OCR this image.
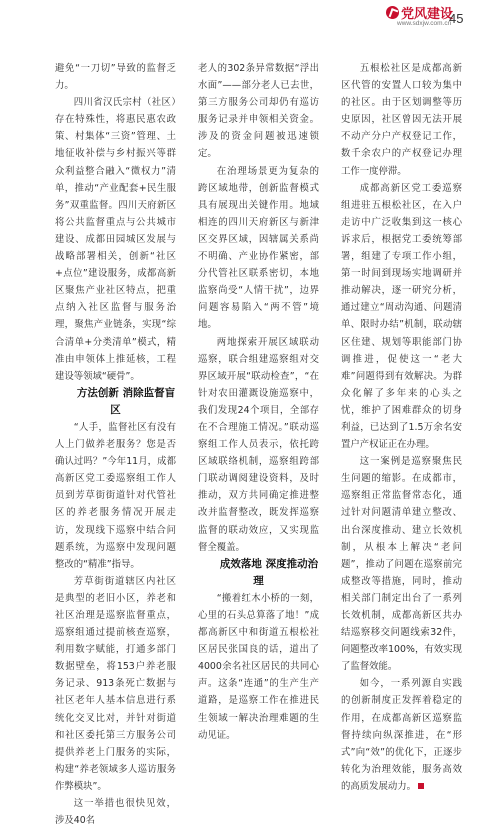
党风建设
www.sdxjw.com.cn
45

避免“一刀切”导致的监督乏力。

四川省汉氏宗村（社区）存在特殊性，将惠民惠农政策、村集体“三资”管理、土地征收补偿与乡村振兴等群众利益整合融入“微权力”清单，推动“产业配套+民生服务”双重监督。四川天府新区将公共监督重点与公共城市建设、成都田园城区发展与战略部署相关，创新“社区+点位”建设服务，成都高新区聚焦产业社区特点，把重点纳入社区监督与服务治理，聚焦产业链条，实现“综合清单+分类清单”模式，精准由申领体上推延核，工程建设等领域“硬骨”。

方法创新 消除监督盲区

“人手，监督社区有没有人上门做养老服务？您是否确认过吗？”今年11月，成都高新区党工委巡察组工作人员到芳草街街道针对代管社区的养老服务情况开展走访，发现线下巡察中结合问题系统，为巡察中发现问题整改的“精准”指导。

芳草街街道辖区内社区是典型的老旧小区，养老和社区治理是巡察监督重点，巡察组通过提前核查巡察，利用数字赋能，打通多部门数据壁垒，将153户养老服务记录、913条死亡数据与社区老年人基本信息进行系统化交叉比对，并针对街道和社区委托第三方服务公司提供养老上门服务的实际，构建“养老领域多人巡访服务作弊模块”。

这一举措也很快见效，涉及40名

老人的302条异常数据“浮出水面”——部分老人已去世，第三方服务公司却仍有巡访服务记录并申领相关资金。涉及的资金问题被迅速锁定。

在治理场景更为复杂的跨区域地带，创新监督模式具有展现出关键作用。地域相连的四川天府新区与新津区交界区域，因辖属关系尚不明确、产业协作紧密，部分代管社区联系密切，本地监察尚受“人情干扰”，边界问题容易陷入“两不管”境地。

两地探索开展区域联动巡察，联合组建巡察组对交界区域开展“联动检查”，“在针对农田灌溉设施巡察中，我们发现24个项目，全部存在不合理施工情况。”联动巡察组工作人员表示，依托跨区域联络机制，巡察组跨部门联动调阅建设资料，及时推动，双方共同确定推进整改并监督整改，既发挥巡察监督的联动效应，又实现监督全覆盖。

成效落地 深度推动治理

“搬着红木小桥的一刻，心里的石头总算落了地！”成都高新区中和街道五根松社区居民张国良的话，道出了4000余名社区居民的共同心声。这条“连通”的生产生产道路，是巡察工作在推进民生领域一解决治理难题的生动见证。

五根松社区是成都高新区代管的安置人口较为集中的社区。由于区划调整等历史原因，社区曾因无法开展不动产分户产权登记工作，数千余农户的产权登记办理工作一度停滞。

成都高新区党工委巡察组进驻五根松社区，在入户走访中广泛收集到这一核心诉求后，根据党工委统筹部署，组建了专项工作小组，第一时间到现场实地调研并推动解决，逐一研究分析，通过建立“周动沟通、问题清单、限时办结”机制，联动辖区住建、规划等职能部门协调推进，促使这一“老大难”问题得到有效解决。为群众化解了多年来的心头之忧，维护了困难群众的切身利益，已达到了1.5万余名安置户产权证正在办理。

这一案例是巡察聚焦民生问题的缩影。在成都市，巡察组正常监督常态化，通过针对问题清单建立整改、出台深度推动、建立长效机制，从根本上解决“老问题”，推动了问题在巡察前完成整改等措施，同时，推动相关部门制定出台了一系列长效机制，成都高新区共办结巡察移交问题线索32件，问题整改率100%，有效实现了监督效能。

如今，一系列源自实践的创新制度正发挥着稳定的作用，在成都高新区巡察监督持续向纵深推进，在“形式”向“效”的优化下，正逐步转化为治理效能，服务高效的高质发展动力。
